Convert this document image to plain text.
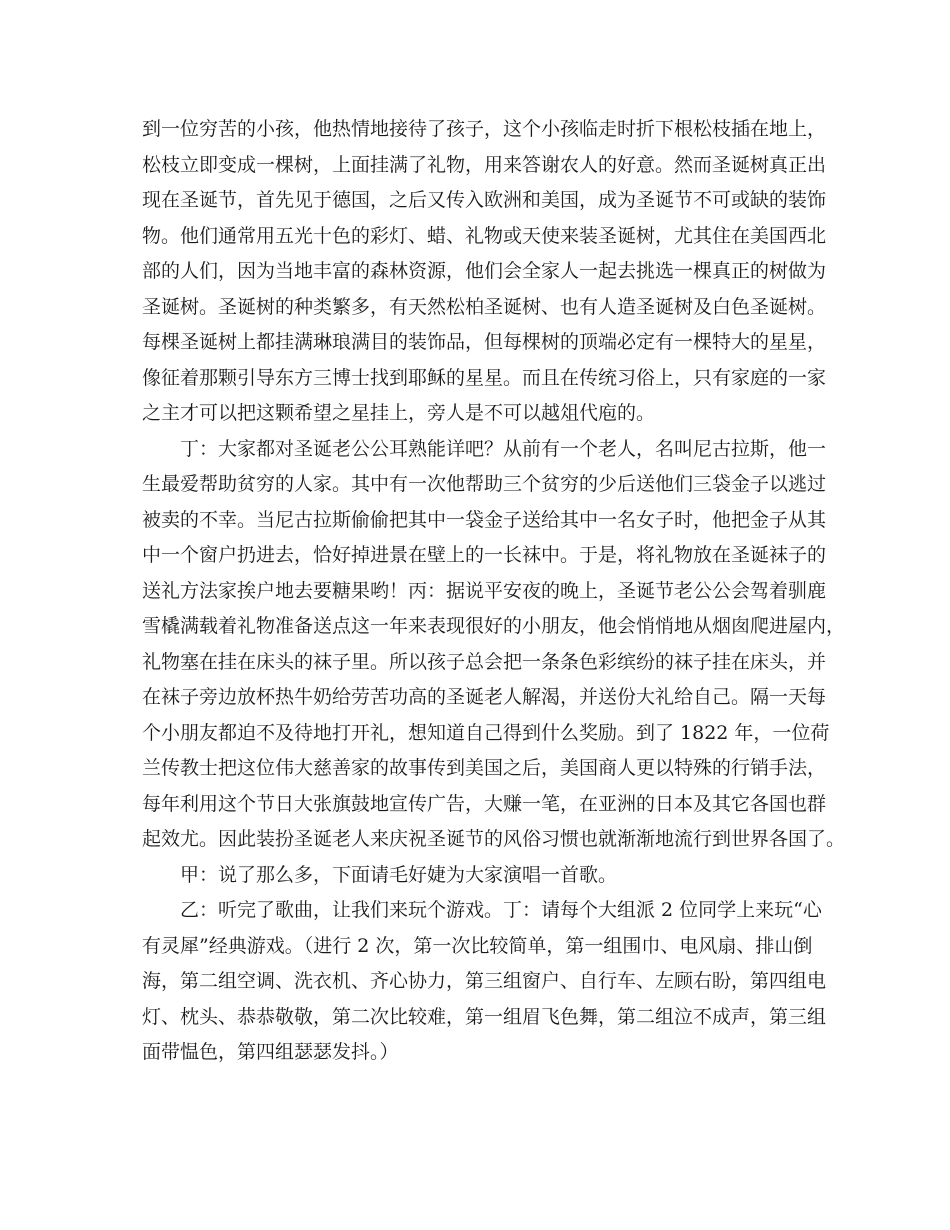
到一位穷苦的小孩，他热情地接待了孩子，这个小孩临走时折下根松枝插在地上，
松枝立即变成一棵树，上面挂满了礼物，用来答谢农人的好意。然而圣诞树真正出
现在圣诞节，首先见于德国，之后又传入欧洲和美国，成为圣诞节不可或缺的装饰
物。他们通常用五光十色的彩灯、蜡、礼物或天使来装圣诞树，尤其住在美国西北
部的人们，因为当地丰富的森林资源，他们会全家人一起去挑选一棵真正的树做为
圣诞树。圣诞树的种类繁多，有天然松柏圣诞树、也有人造圣诞树及白色圣诞树。
每棵圣诞树上都挂满琳琅满目的装饰品，但每棵树的顶端必定有一棵特大的星星，
像征着那颗引导东方三博士找到耶稣的星星。而且在传统习俗上，只有家庭的一家
之主才可以把这颗希望之星挂上，旁人是不可以越俎代庖的。
丁：大家都对圣诞老公公耳熟能详吧？从前有一个老人，名叫尼古拉斯，他一
生最爱帮助贫穷的人家。其中有一次他帮助三个贫穷的少后送他们三袋金子以逃过
被卖的不幸。当尼古拉斯偷偷把其中一袋金子送给其中一名女子时，他把金子从其
中一个窗户扔进去，恰好掉进景在壁上的一长袜中。于是，将礼物放在圣诞袜子的
送礼方法家挨户地去要糖果哟！丙：据说平安夜的晚上，圣诞节老公公会驾着驯鹿
雪橇满载着礼物准备送点这一年来表现很好的小朋友，他会悄悄地从烟囱爬进屋内，
礼物塞在挂在床头的袜子里。所以孩子总会把一条条色彩缤纷的袜子挂在床头，并
在袜子旁边放杯热牛奶给劳苦功高的圣诞老人解渴，并送份大礼给自己。隔一天每
个小朋友都迫不及待地打开礼，想知道自己得到什么奖励。到了 1822 年，一位荷
兰传教士把这位伟大慈善家的故事传到美国之后，美国商人更以特殊的行销手法，
每年利用这个节日大张旗鼓地宣传广告，大赚一笔，在亚洲的日本及其它各国也群
起效尤。因此装扮圣诞老人来庆祝圣诞节的风俗习惯也就渐渐地流行到世界各国了。
甲：说了那么多，下面请毛好婕为大家演唱一首歌。
乙：听完了歌曲，让我们来玩个游戏。丁：请每个大组派 2 位同学上来玩“心
有灵犀”经典游戏。（进行 2 次，第一次比较简单，第一组围巾、电风扇、排山倒
海，第二组空调、洗衣机、齐心协力，第三组窗户、自行车、左顾右盼，第四组电
灯、枕头、恭恭敬敬，第二次比较难，第一组眉飞色舞，第二组泣不成声，第三组
面带愠色，第四组瑟瑟发抖。）
